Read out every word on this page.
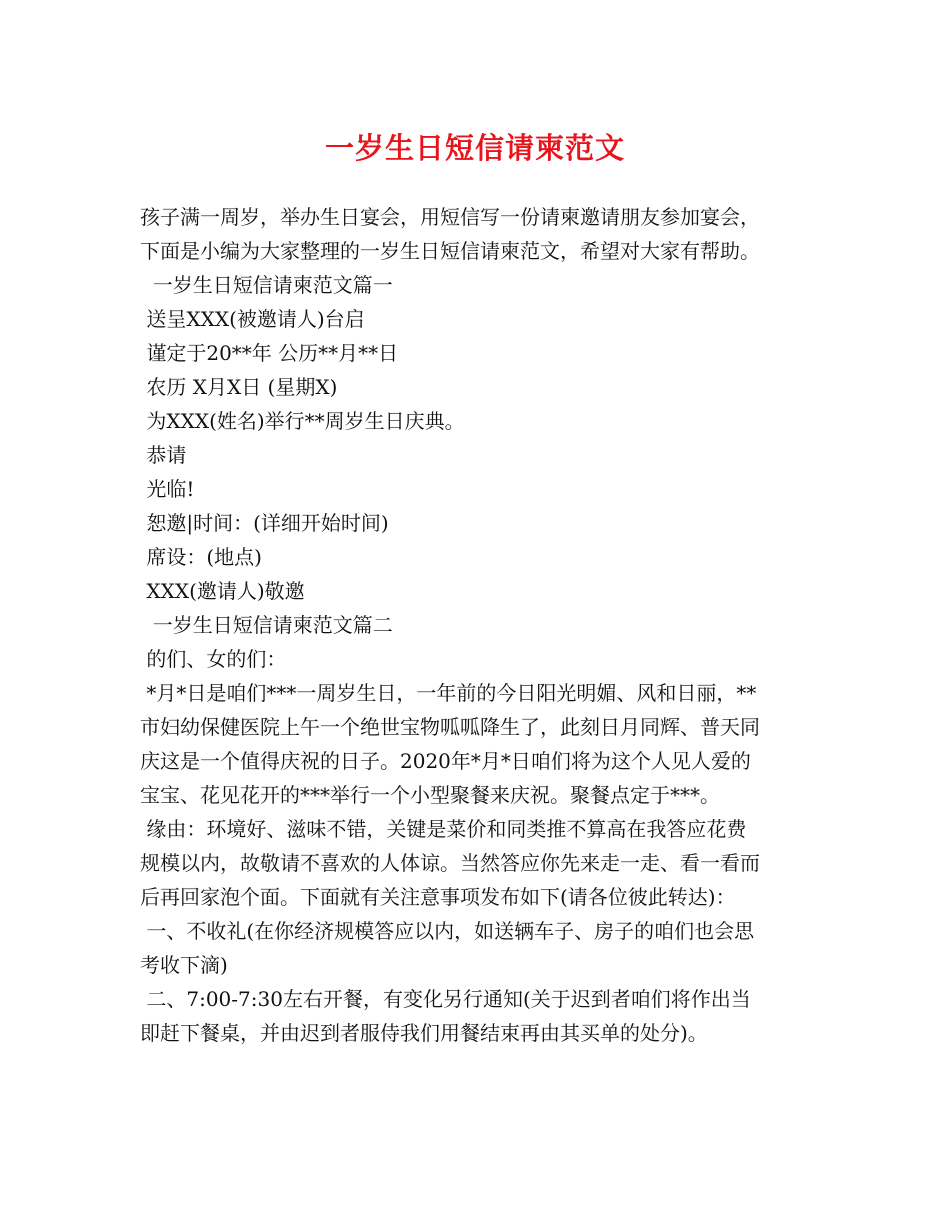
一岁生日短信请柬范文
孩子满一周岁，举办生日宴会，用短信写一份请柬邀请朋友参加宴会，
下面是小编为大家整理的一岁生日短信请柬范文，希望对大家有帮助。
一岁生日短信请柬范文篇一
送呈XXX(被邀请人)台启
谨定于20**年 公历**月**日
农历 X月X日 (星期X)
为XXX(姓名)举行**周岁生日庆典。
恭请
光临!
恕邀|时间：(详细开始时间)
席设：(地点)
XXX(邀请人)敬邀
一岁生日短信请柬范文篇二
的们、女的们：
*月*日是咱们***一周岁生日，一年前的今日阳光明媚、风和日丽，**
市妇幼保健医院上午一个绝世宝物呱呱降生了，此刻日月同辉、普天同
庆这是一个值得庆祝的日子。2020年*月*日咱们将为这个人见人爱的
宝宝、花见花开的***举行一个小型聚餐来庆祝。聚餐点定于***。
缘由：环境好、滋味不错，关键是菜价和同类推不算高在我答应花费
规模以内，故敬请不喜欢的人体谅。当然答应你先来走一走、看一看而
后再回家泡个面。下面就有关注意事项发布如下(请各位彼此转达)：
一、不收礼(在你经济规模答应以内，如送辆车子、房子的咱们也会思
考收下滴)
二、7:00-7:30左右开餐，有变化另行通知(关于迟到者咱们将作出当
即赶下餐桌，并由迟到者服侍我们用餐结束再由其买单的处分)。
